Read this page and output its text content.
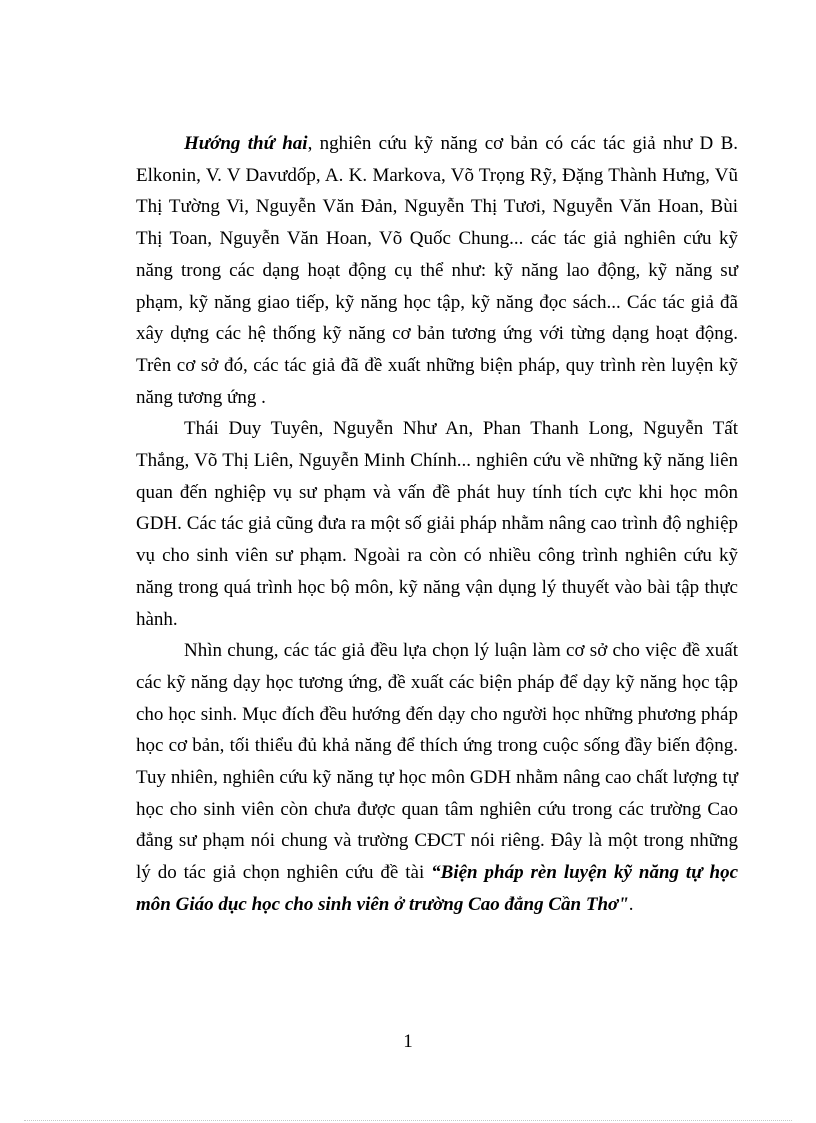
Hướng thứ hai, nghiên cứu kỹ năng cơ bản có các tác giả như D B. Elkonin, V. V Davưdốp, A. K. Markova, Võ Trọng Rỹ, Đặng Thành Hưng, Vũ Thị Tường Vi, Nguyễn Văn Đản, Nguyễn Thị Tươi, Nguyễn Văn Hoan, Bùi Thị Toan, Nguyễn Văn Hoan, Võ Quốc Chung... các tác giả nghiên cứu kỹ năng trong các dạng hoạt động cụ thể như: kỹ năng lao động, kỹ năng sư phạm, kỹ năng giao tiếp, kỹ năng học tập, kỹ năng đọc sách... Các tác giả đã xây dựng các hệ thống kỹ năng cơ bản tương ứng với từng dạng hoạt động. Trên cơ sở đó, các tác giả đã đề xuất những biện pháp, quy trình rèn luyện kỹ năng tương ứng .

Thái Duy Tuyên, Nguyễn Như An, Phan Thanh Long, Nguyễn Tất Thắng, Võ Thị Liên, Nguyễn Minh Chính... nghiên cứu về những kỹ năng liên quan đến nghiệp vụ sư phạm và vấn đề phát huy tính tích cực khi học môn GDH. Các tác giả cũng đưa ra một số giải pháp nhằm nâng cao trình độ nghiệp vụ cho sinh viên sư phạm. Ngoài ra còn có nhiều công trình nghiên cứu kỹ năng trong quá trình học bộ môn, kỹ năng vận dụng lý thuyết vào bài tập thực hành.

Nhìn chung, các tác giả đều lựa chọn lý luận làm cơ sở cho việc đề xuất các kỹ năng dạy học tương ứng, đề xuất các biện pháp để dạy kỹ năng học tập cho học sinh. Mục đích đều hướng đến dạy cho người học những phương pháp học cơ bản, tối thiểu đủ khả năng để thích ứng trong cuộc sống đầy biến động. Tuy nhiên, nghiên cứu kỹ năng tự học môn GDH nhằm nâng cao chất lượng tự học cho sinh viên còn chưa được quan tâm nghiên cứu trong các trường Cao đẳng sư phạm nói chung và trường CĐCT nói riêng. Đây là một trong những lý do tác giả chọn nghiên cứu đề tài “Biện pháp rèn luyện kỹ năng tự học môn Giáo dục học cho sinh viên ở trường Cao đẳng Cần Thơ".

1
